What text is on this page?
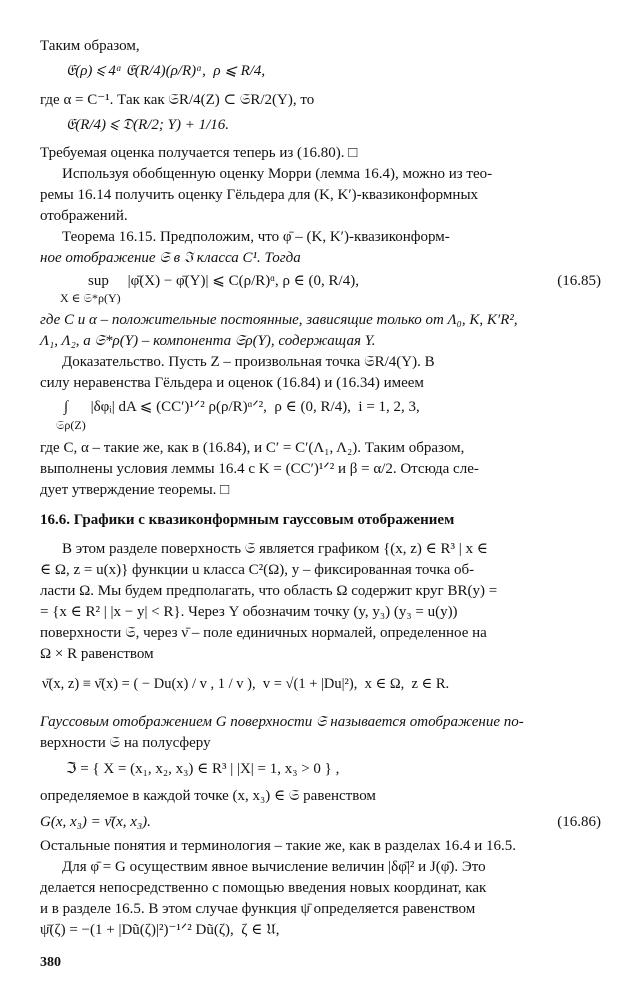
Таким образом,
𝔈(ρ) ⩽ 4ᵅ 𝔈(R/4)(ρ/R)ᵅ,  ρ ⩽ R/4,
где α = C⁻¹. Так как 𝔖R/4(Z) ⊂ 𝔖R/2(Y), то
𝔈(R/4) ⩽ 𝔇(R/2; Y) + 1/16.
Требуемая оценка получается теперь из (16.80). □
Используя обобщенную оценку Морри (лемма 16.4), можно из тео-
ремы 16.14 получить оценку Гёльдера для (K, K′)-квазиконформных
отображений.
Теорема 16.15. Предположим, что φ̄ – (K, K′)-квазиконформ-
ное отображение 𝔖 в ℑ класса C¹. Тогда
sup     |φ̄(X) − φ̄(Y)| ⩽ C(ρ/R)ᵅ, ρ ∈ (0, R/4),
X ∈ 𝔖*ρ(Y)
(16.85)
где C и α – положительные постоянные, зависящие только от Λ₀, K, K′R²,
Λ₁, Λ₂, а 𝔖*ρ(Y) – компонента 𝔖ρ(Y), содержащая Y.
Доказательство. Пусть Z – произвольная точка 𝔖R/4(Y). В
силу неравенства Гёльдера и оценок (16.84) и (16.34) имеем
∫      |δφᵢ| dA ⩽ (CC′)¹ᐟ² ρ(ρ/R)ᵅᐟ²,  ρ ∈ (0, R/4),  i = 1, 2, 3,
𝔖ρ(Z)
где C, α – такие же, как в (16.84), и C′ = C′(Λ₁, Λ₂). Таким образом,
выполнены условия леммы 16.4 с K = (CC′)¹ᐟ² и β = α/2. Отсюда сле-
дует утверждение теоремы. □
16.6. Графики с квазиконформным гауссовым отображением
В этом разделе поверхность 𝔖 является графиком {(x, z) ∈ R³ | x ∈
∈ Ω, z = u(x)} функции u класса C²(Ω), y – фиксированная точка об-
ласти Ω. Мы будем предполагать, что область Ω содержит круг BR(y) =
= {x ∈ R² | |x − y| < R}. Через Y обозначим точку (y, y₃) (y₃ = u(y))
поверхности 𝔖, через ν̄ – поле единичных нормалей, определенное на
Ω × R равенством
ν̄(x, z) ≡ ν̄(x) = ( − Du(x) / v , 1 / v ),  v = √(1 + |Du|²),  x ∈ Ω,  z ∈ R.
Гауссовым отображением G поверхности 𝔖 называется отображение по-
верхности 𝔖 на полусферу
ℑ = { X = (x₁, x₂, x₃) ∈ R³ | |X| = 1, x₃ > 0 } ,
определяемое в каждой точке (x, x₃) ∈ 𝔖 равенством
G(x, x₃) = ν̄(x, x₃).	(16.86)
Остальные понятия и терминология – такие же, как в разделах 16.4 и 16.5.
Для φ̄ = G осуществим явное вычисление величин |δφ̄|² и J(φ̄). Это
делается непосредственно с помощью введения новых координат, как
и в разделе 16.5. В этом случае функция ψ̄ определяется равенством
ψ̄(ζ) = −(1 + |Dũ(ζ)|²)⁻¹ᐟ² Dũ(ζ),  ζ ∈ 𝔘,
380
